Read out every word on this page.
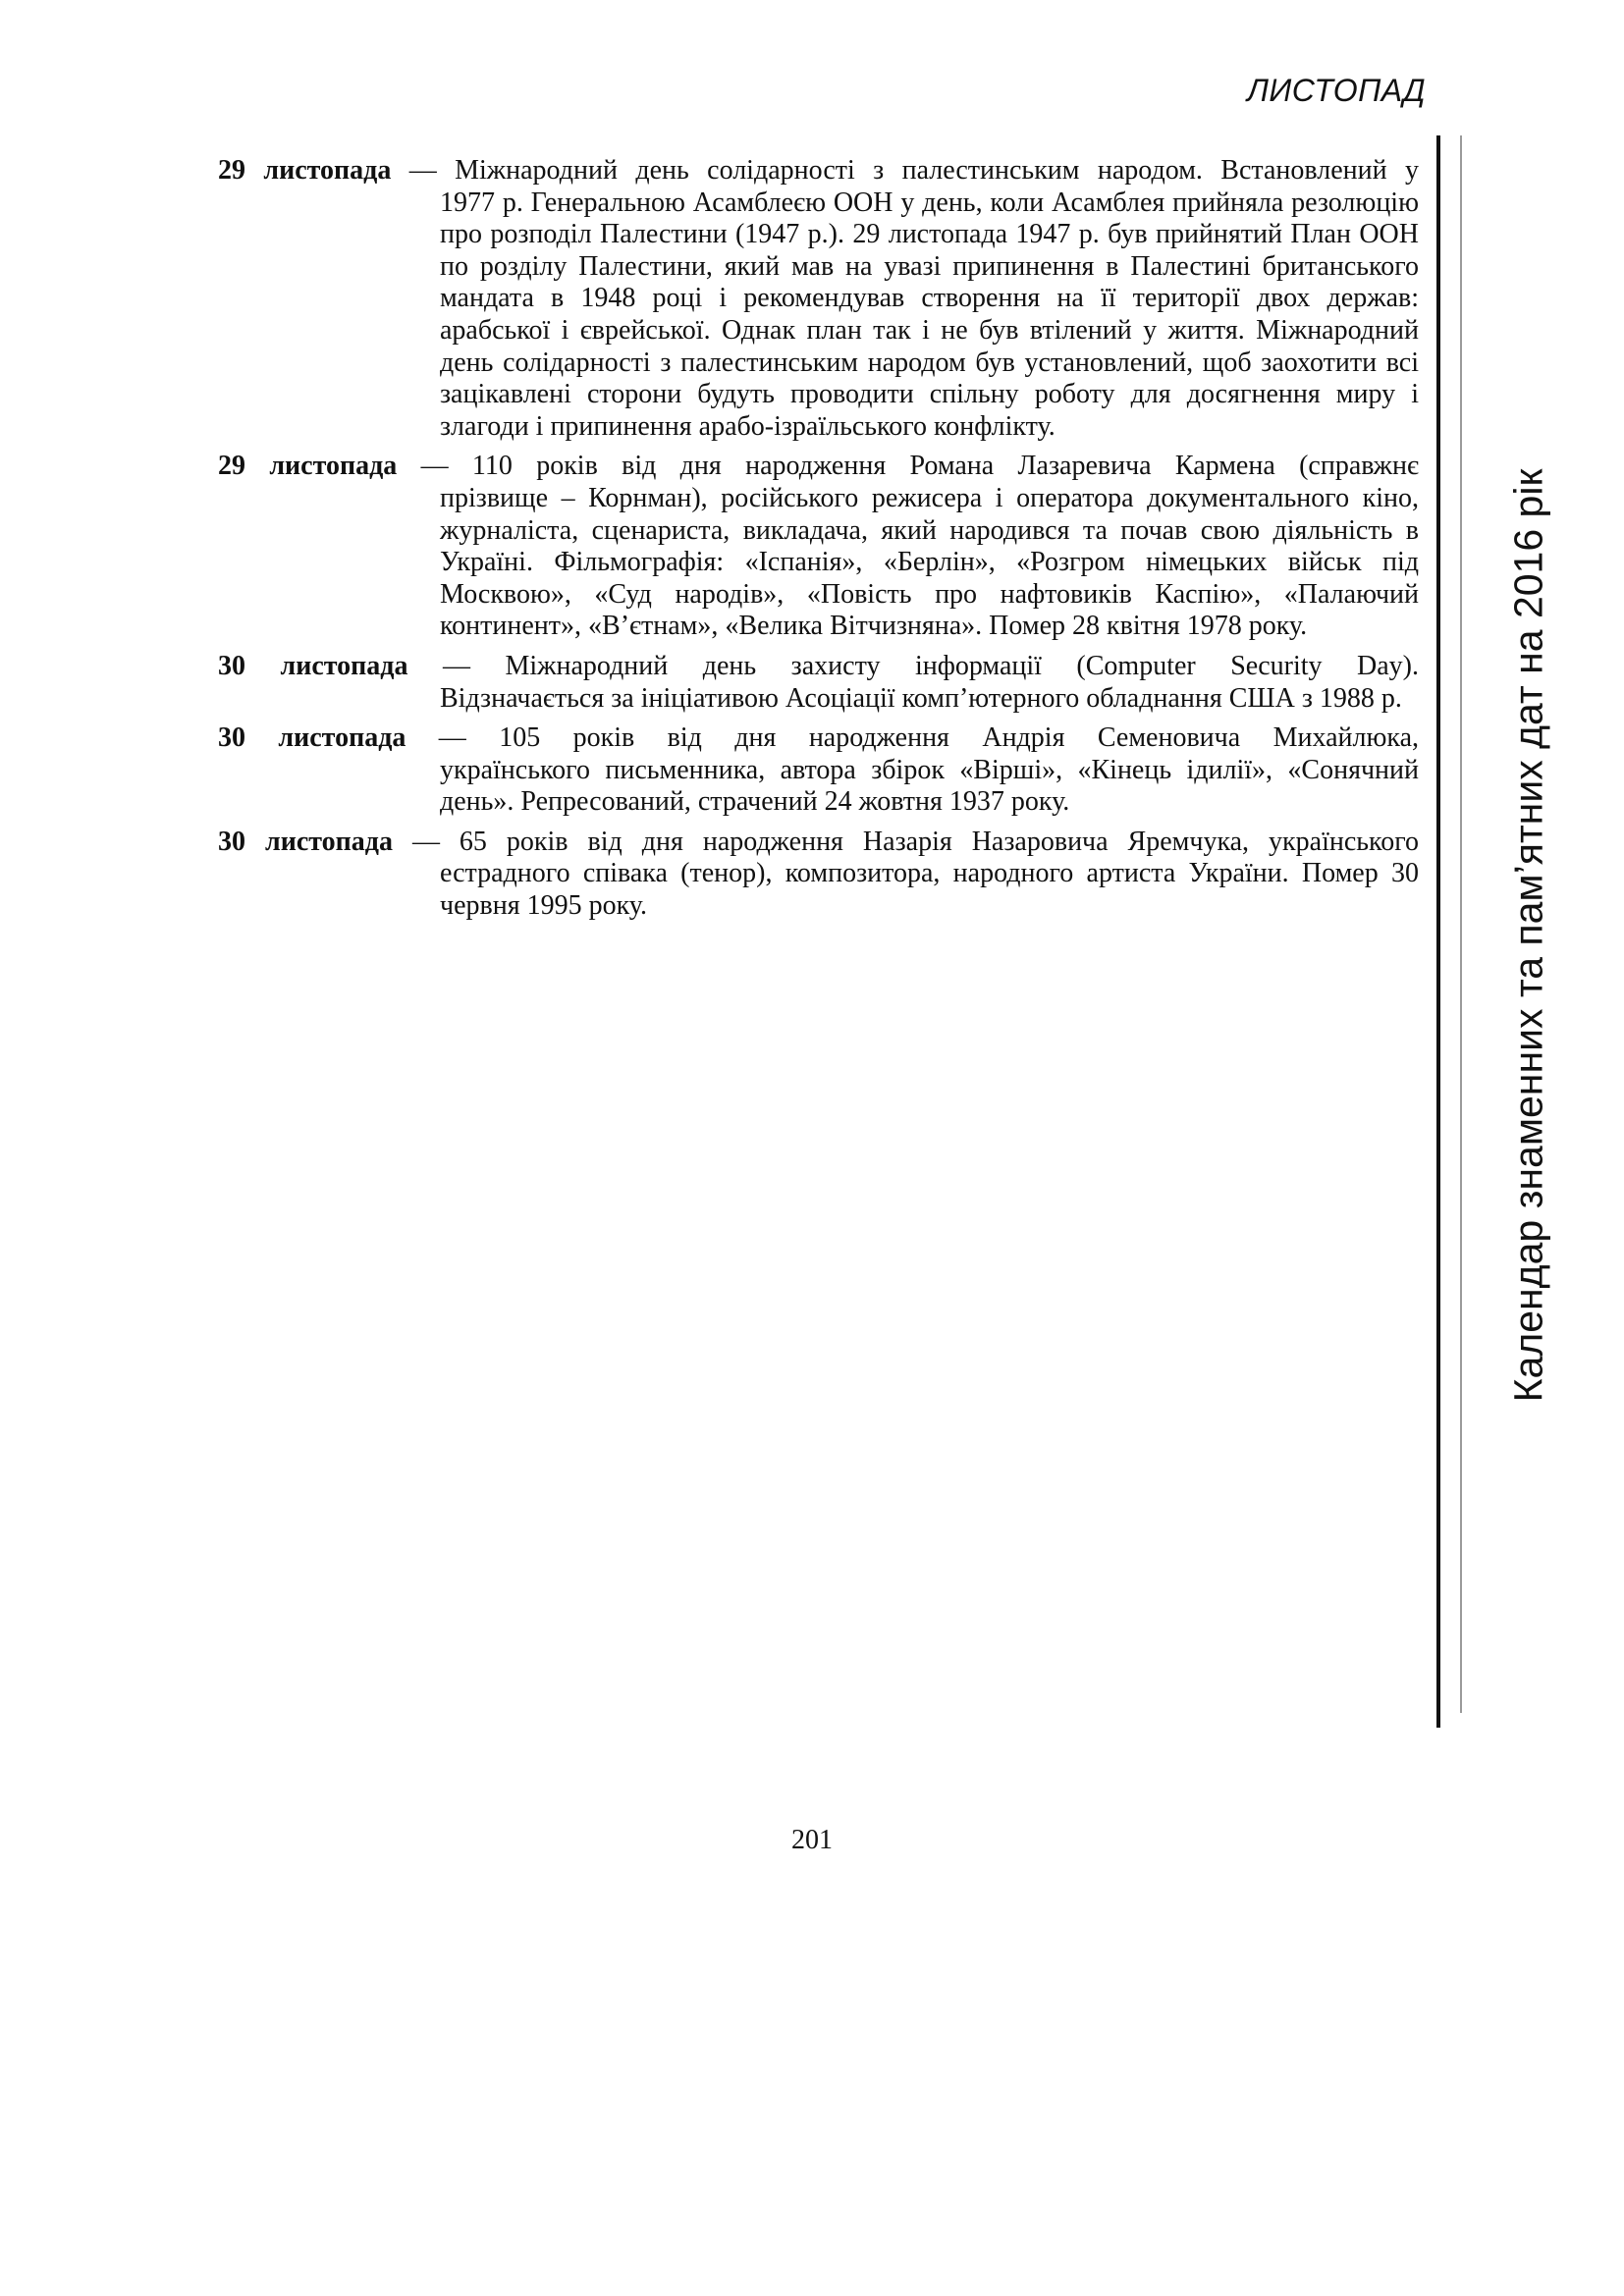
ЛИСТОПАД
29 листопада — Міжнародний день солідарності з палестинським народом. Встановлений у
1977 р. Генеральною Асамблеєю ООН у день, коли Асамблея прийняла резолюцію про розподіл Палестини (1947 р.). 29 листопада 1947 р. був прийнятий План ООН по розділу Палестини, який мав на увазі припинення в Палестині британського мандата в 1948 році і рекомендував створення на її території двох держав: арабської і єврейської. Однак план так і не був втілений у життя. Міжнародний день солідарності з палестинським народом був установлений, щоб заохотити всі зацікавлені сторони будуть проводити спільну роботу для досягнення миру і злагоди і припинення арабо-ізраїльського конфлікту.
29 листопада — 110 років від дня народження Романа Лазаревича Кармена (справжнє
прізвище – Корнман), російського режисера і оператора документального кіно, журналіста, сценариста, викладача, який народився та почав свою діяльність в Україні. Фільмографія: «Іспанія», «Берлін», «Розгром німецьких військ під Москвою», «Суд народів», «Повість про нафтовиків Каспію», «Палаючий континент», «В’єтнам», «Велика Вітчизняна». Помер 28 квітня 1978 року.
30 листопада — Міжнародний день захисту інформації (Computer Security Day).
Відзначається за ініціативою Асоціації комп’ютерного обладнання США з 1988 р.
30 листопада — 105 років від дня народження Андрія Семеновича Михайлюка,
українського письменника, автора збірок «Вірші», «Кінець ідилії», «Сонячний день». Репресований, страчений 24 жовтня 1937 року.
30 листопада — 65 років від дня народження Назарія Назаровича Яремчука, українського
естрадного співака (тенор), композитора, народного артиста України. Помер 30 червня 1995 року.	Календар знаменних та пам’ятних дат на 2016 рік
201
